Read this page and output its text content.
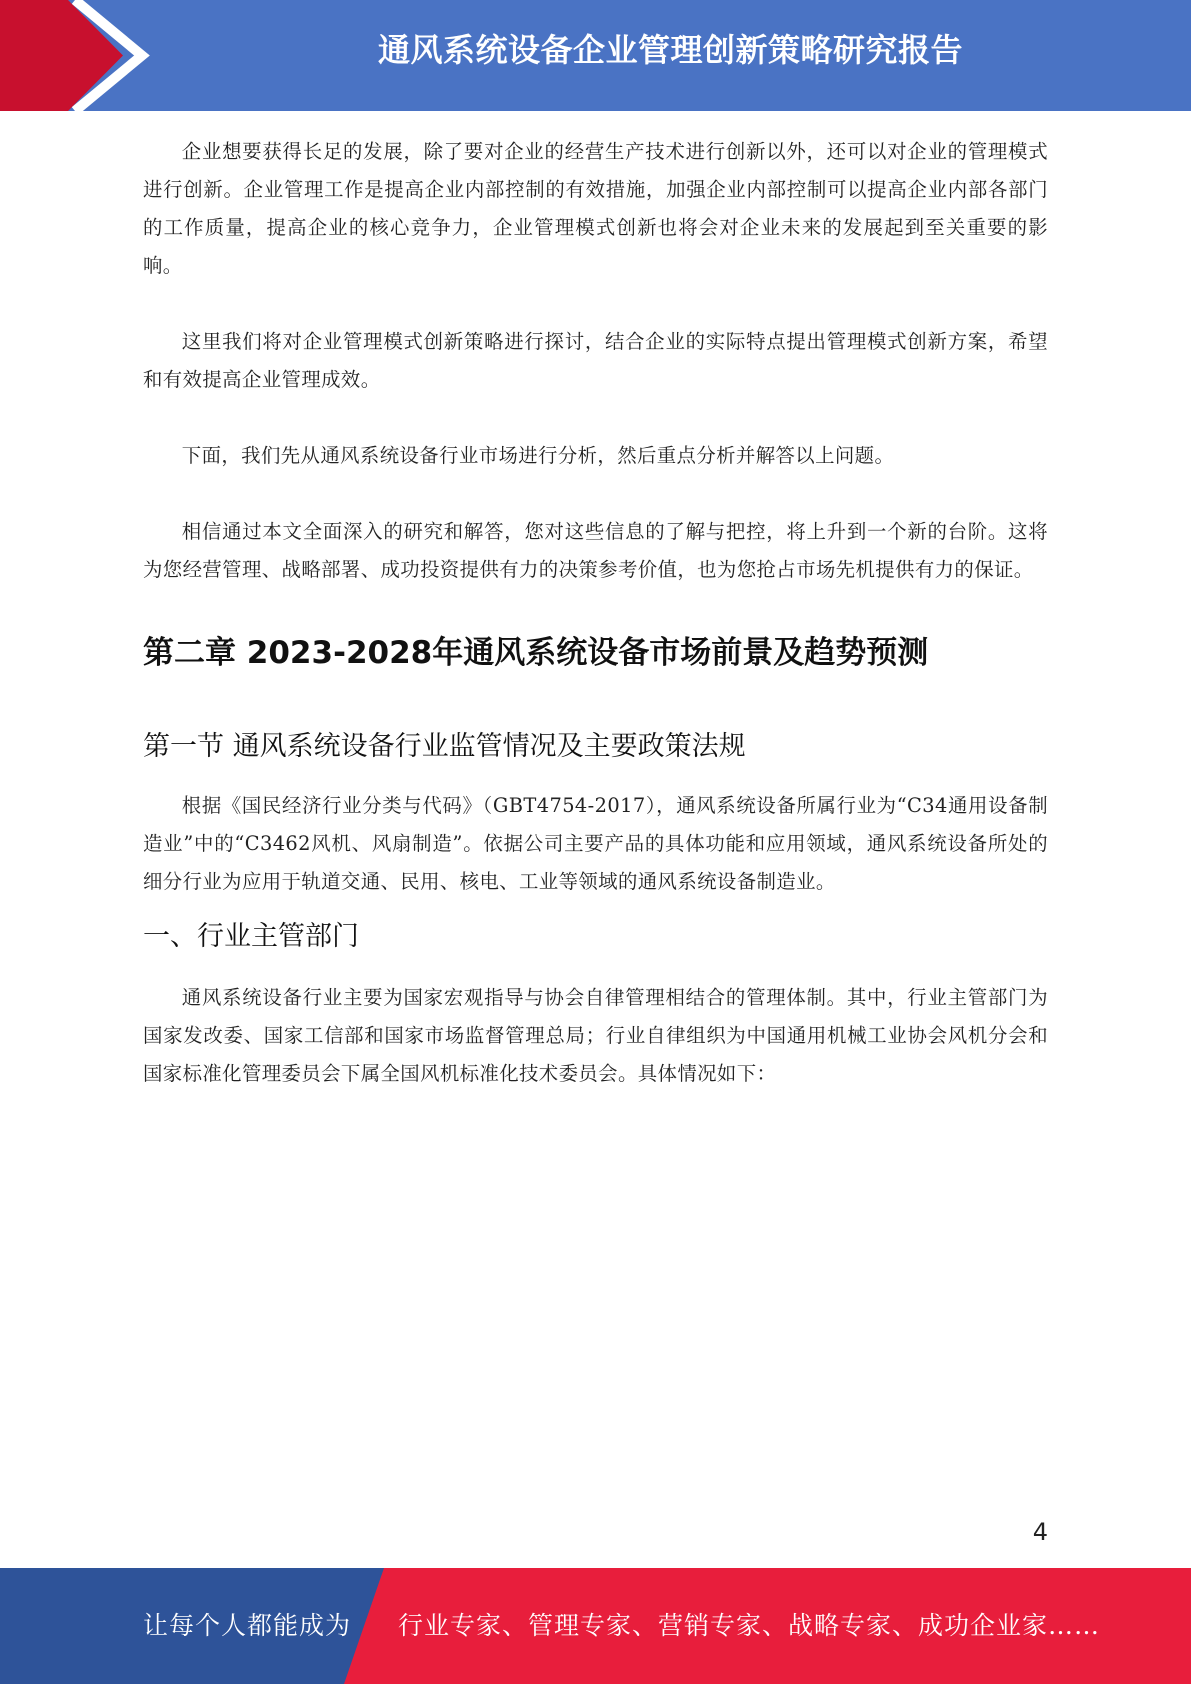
通风系统设备企业管理创新策略研究报告

企业想要获得长足的发展，除了要对企业的经营生产技术进行创新以外，还可以对企业的管理模式进行创新。企业管理工作是提高企业内部控制的有效措施，加强企业内部控制可以提高企业内部各部门的工作质量，提高企业的核心竞争力，企业管理模式创新也将会对企业未来的发展起到至关重要的影响。

这里我们将对企业管理模式创新策略进行探讨，结合企业的实际特点提出管理模式创新方案，希望和有效提高企业管理成效。

下面，我们先从通风系统设备行业市场进行分析，然后重点分析并解答以上问题。

相信通过本文全面深入的研究和解答，您对这些信息的了解与把控，将上升到一个新的台阶。这将为您经营管理、战略部署、成功投资提供有力的决策参考价值，也为您抢占市场先机提供有力的保证。

第二章 2023-2028年通风系统设备市场前景及趋势预测
第一节 通风系统设备行业监管情况及主要政策法规

根据《国民经济行业分类与代码》（GBT4754-2017），通风系统设备所属行业为“C34通用设备制造业”中的“C3462风机、风扇制造”。依据公司主要产品的具体功能和应用领域，通风系统设备所处的细分行业为应用于轨道交通、民用、核电、工业等领域的通风系统设备制造业。

一、行业主管部门

通风系统设备行业主要为国家宏观指导与协会自律管理相结合的管理体制。其中，行业主管部门为国家发改委、国家工信部和国家市场监督管理总局；行业自律组织为中国通用机械工业协会风机分会和国家标准化管理委员会下属全国风机标准化技术委员会。具体情况如下：

4
让每个人都能成为 行业专家、管理专家、营销专家、战略专家、成功企业家……
